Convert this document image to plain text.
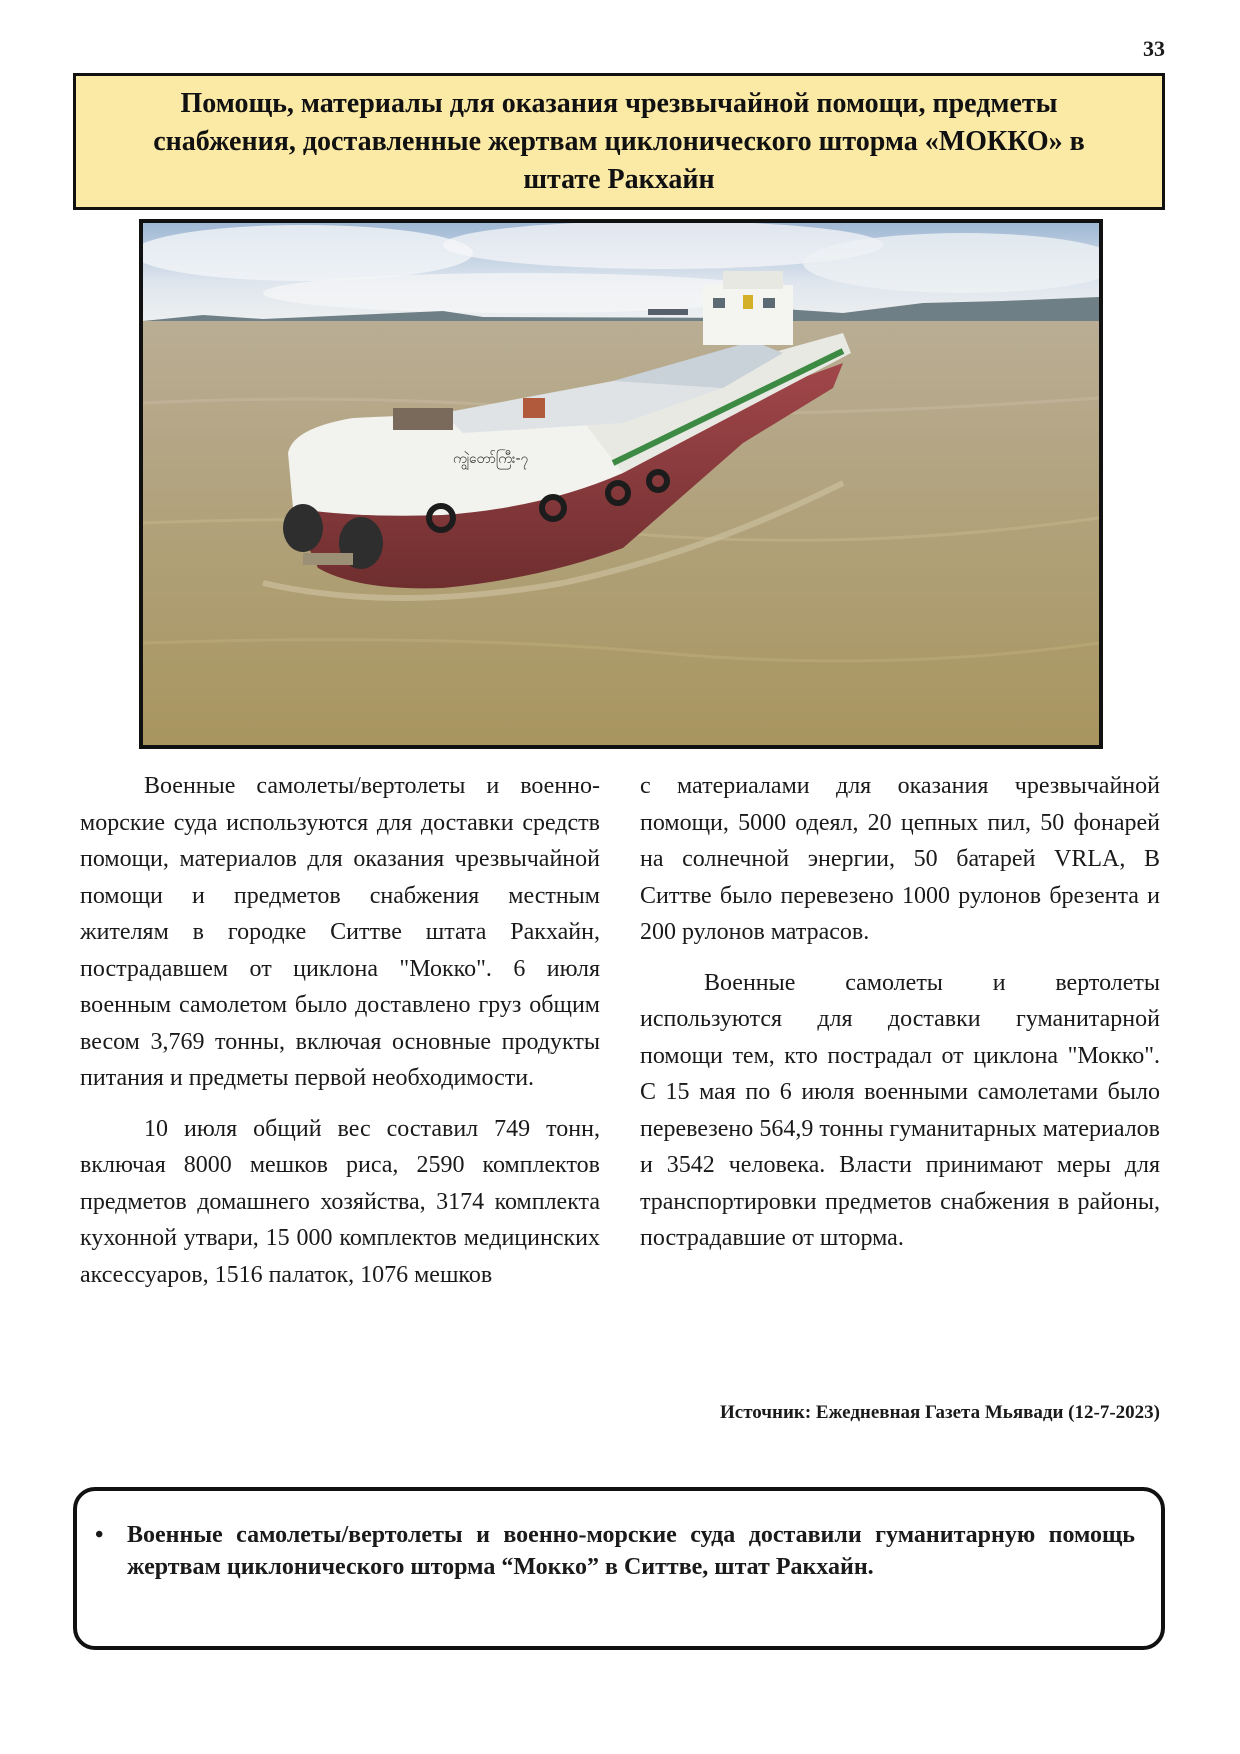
33
Помощь, материалы для оказания чрезвычайной помощи, предметы снабжения, доставленные жертвам циклонического шторма «МОККО» в штате Ракхайн
ကျွဲတော်ကြီး-၇

Военные самолеты/вертолеты и военно-морские суда используются для доставки средств помощи, материалов для оказания чрезвычайной помощи и предметов снабжения местным жителям в городке Ситтве штата Ракхайн, пострадавшем от циклона "Мокко". 6 июля военным самолетом было доставлено груз общим весом 3,769 тонны, включая основные продукты питания и предметы первой необходимости.

10 июля общий вес составил 749 тонн, включая 8000 мешков риса, 2590 комплектов предметов домашнего хозяйства, 3174 комплекта кухонной утвари, 15 000 комплектов медицинских аксессуаров, 1516 палаток, 1076 мешков

с материалами для оказания чрезвычайной помощи, 5000 одеял, 20 цепных пил, 50 фонарей на солнечной энергии, 50 батарей VRLA, В Ситтве было перевезено 1000 рулонов брезента и 200 рулонов матрасов.

Военные самолеты и вертолеты используются для доставки гуманитарной помощи тем, кто пострадал от циклона "Мокко". С 15 мая по 6 июля военными самолетами было перевезено 564,9 тонны гуманитарных материалов и 3542 человека. Власти принимают меры для транспортировки предметов снабжения в районы, пострадавшие от шторма.

Источник: Ежедневная Газета Мьявади (12-7-2023)
• Военные самолеты/вертолеты и военно-морские суда доставили гуманитарную помощь жертвам циклонического шторма “Мокко” в Ситтве, штат Ракхайн.
